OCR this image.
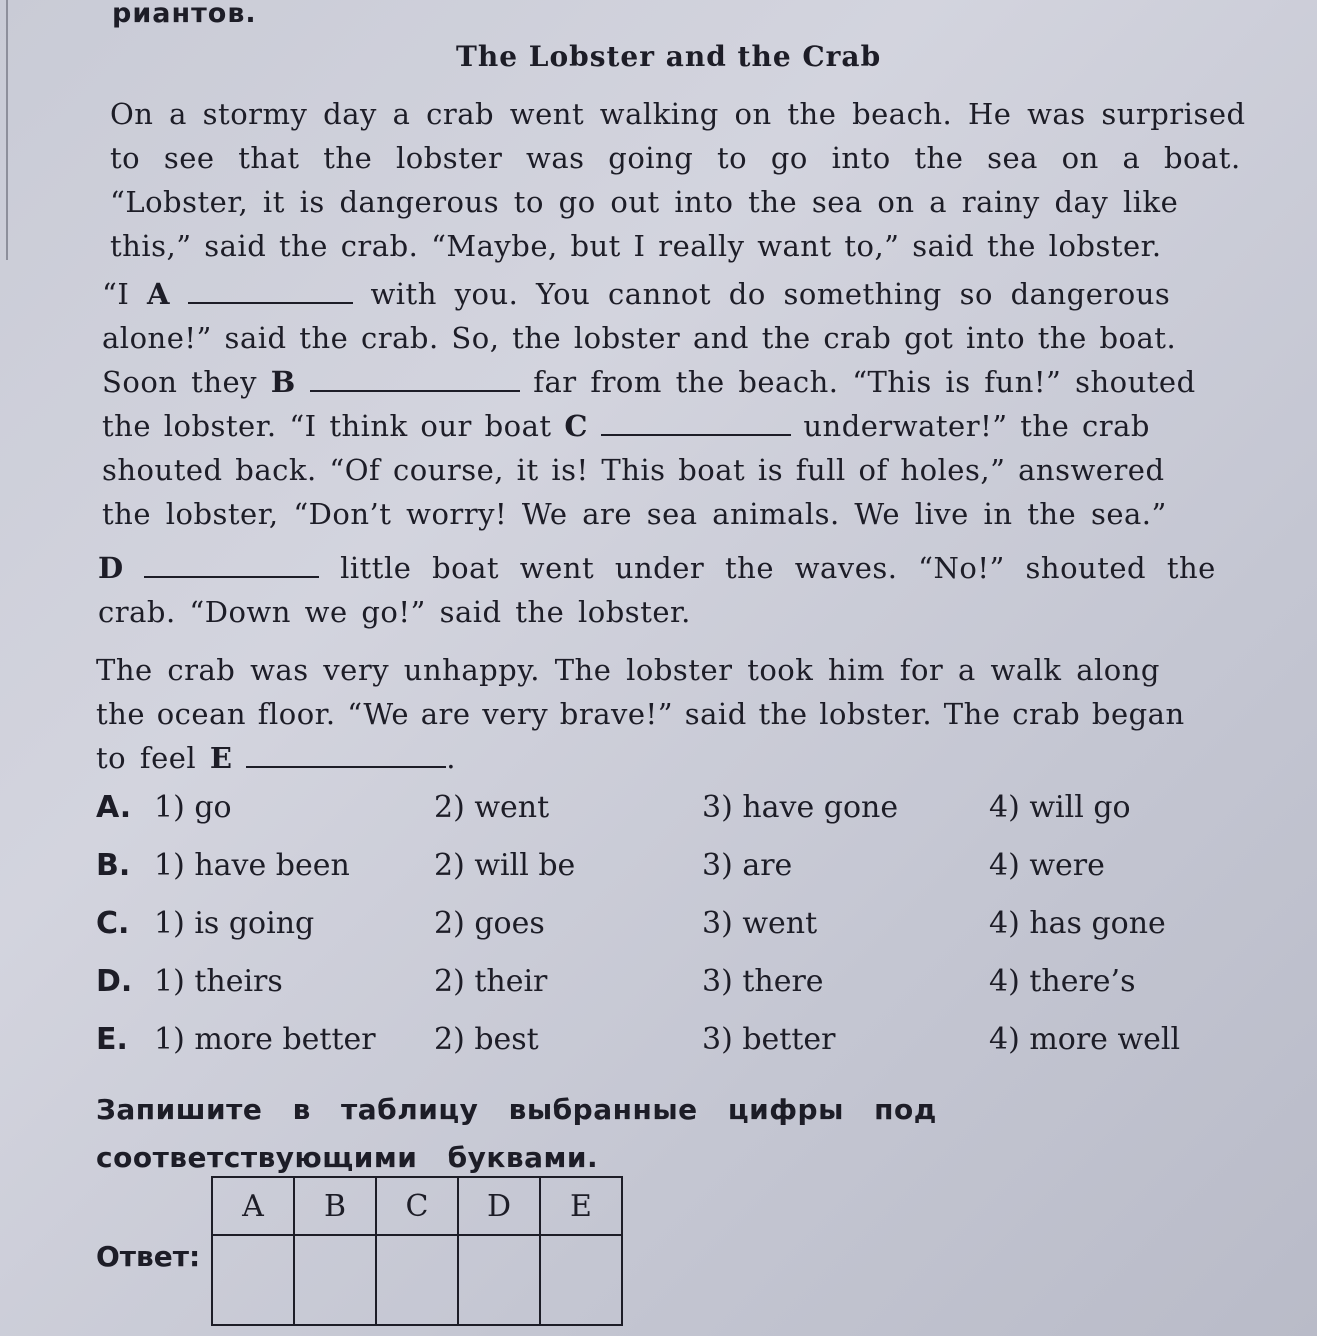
риантов.
The Lobster and the Crab
On a stormy day a crab went walking on the beach. He was surprised
to see that the lobster was going to go into the sea on a boat.
“Lobster, it is dangerous to go out into the sea on a rainy day like
this,” said the crab. “Maybe, but I really want to,” said the lobster.
“I A	with you. You cannot do something so dangerous
alone!” said the crab. So, the lobster and the crab got into the boat.
Soon they B	far from the beach. “This is fun!” shouted
the lobster. “I think our boat C	underwater!” the crab
shouted back. “Of course, it is! This boat is full of holes,” answered
the lobster, “Don’t worry! We are sea animals. We live in the sea.”
D	little boat went under the waves. “No!” shouted the
crab. “Down we go!” said the lobster.
The crab was very unhappy. The lobster took him for a walk along
the ocean floor. “We are very brave!” said the lobster. The crab began
to feel E	.
A. 1) go	2) went	3) have gone	4) will go
B. 1) have been	2) will be	3) are	4) were
C. 1) is going	2) goes	3) went	4) has gone
D. 1) theirs	2) their	3) there	4) there’s
E. 1) more better 2) best	3) better	4) more well
Запишите в таблицу выбранные цифры под соответствующими буквами.
Ответ:
A	B	C	D	E
